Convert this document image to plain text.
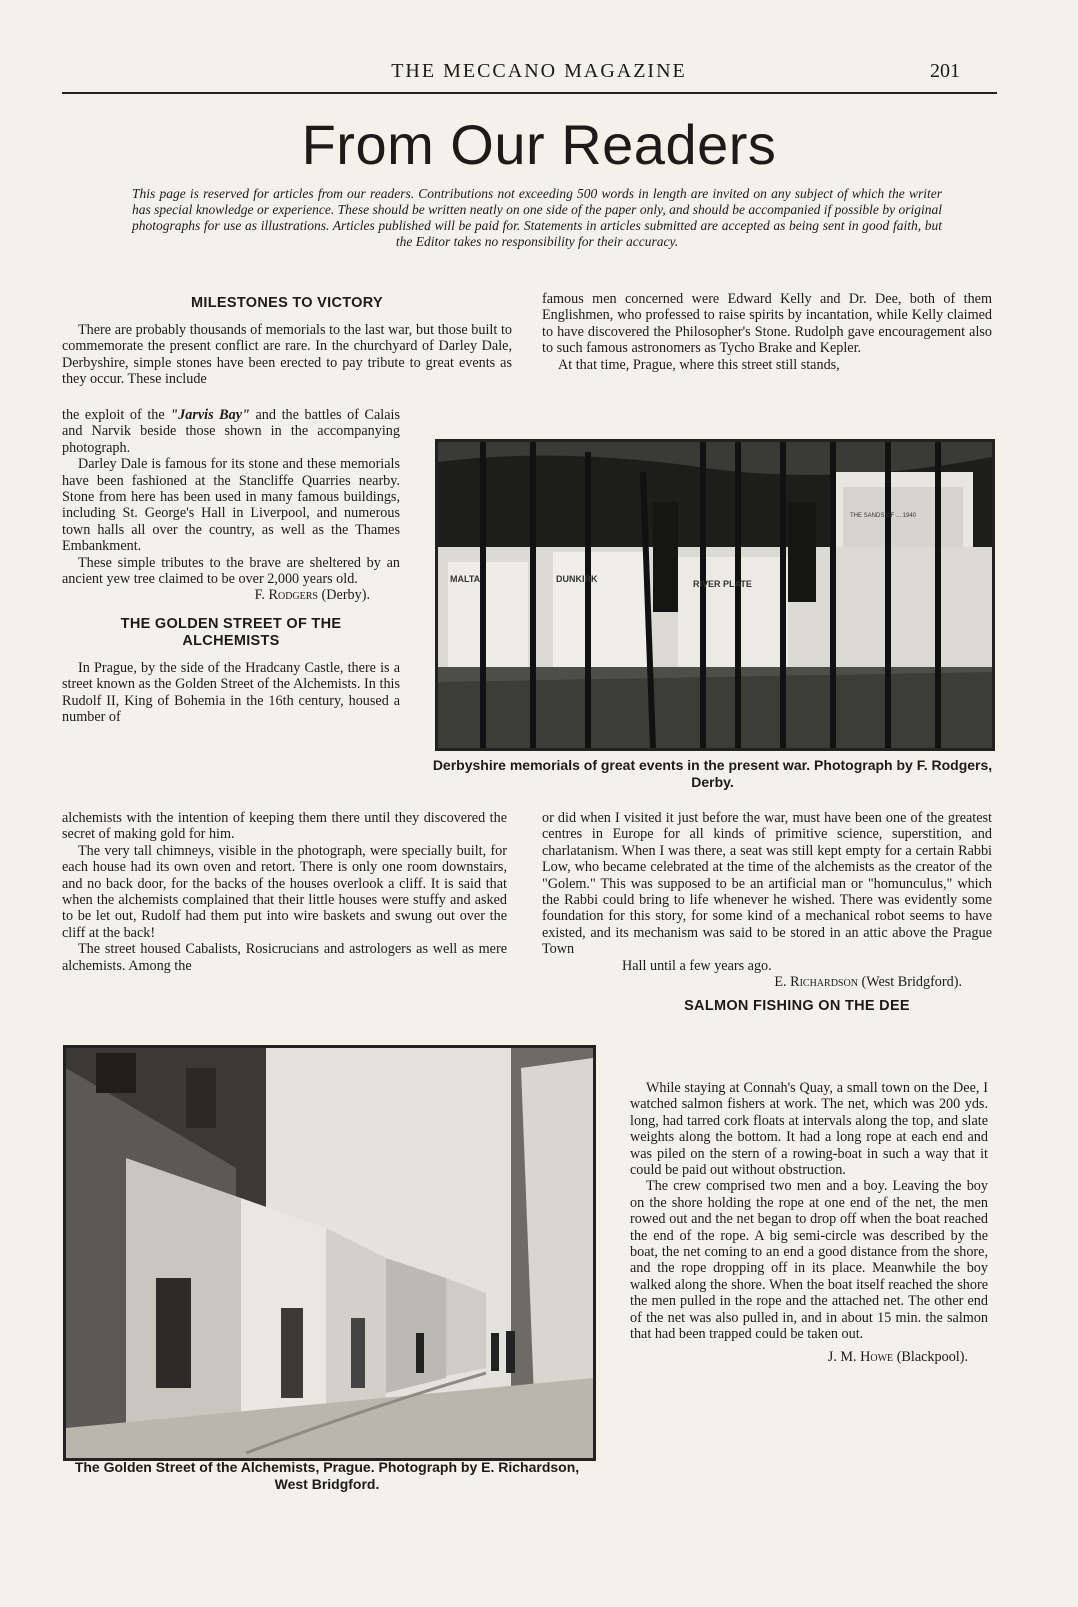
THE MECCANO MAGAZINE	201
From Our Readers
This page is reserved for articles from our readers. Contributions not exceeding 500 words in length are invited on any subject of which the writer has special knowledge or experience. These should be written neatly on one side of the paper only, and should be accompanied if possible by original photographs for use as illustrations. Articles published will be paid for. Statements in articles submitted are accepted as being sent in good faith, but the Editor takes no responsibility for their accuracy.
MILESTONES TO VICTORY

There are probably thousands of memorials to the last war, but those built to commemorate the present conflict are rare. In the churchyard of Darley Dale, Derbyshire, simple stones have been erected to pay tribute to great events as they occur. These include

the exploit of the "Jarvis Bay" and the battles of Calais and Narvik beside those shown in the accompanying photograph.

Darley Dale is famous for its stone and these memorials have been fashioned at the Stancliffe Quarries nearby. Stone from here has been used in many famous buildings, including St. George's Hall in Liverpool, and numerous town halls all over the country, as well as the Thames Embankment.

These simple tributes to the brave are sheltered by an ancient yew tree claimed to be over 2,000 years old.

F. Rodgers (Derby).
THE GOLDEN STREET OF THE
ALCHEMISTS

In Prague, by the side of the Hradcany Castle, there is a street known as the Golden Street of the Alchemists. In this Rudolf II, King of Bohemia in the 16th century, housed a number of

alchemists with the intention of keeping them there until they discovered the secret of making gold for him.

The very tall chimneys, visible in the photograph, were specially built, for each house had its own oven and retort. There is only one room downstairs, and no back door, for the backs of the houses overlook a cliff. It is said that when the alchemists complained that their little houses were stuffy and asked to be let out, Rudolf had them put into wire baskets and swung out over the cliff at the back!

The street housed Cabalists, Rosicrucians and astrologers as well as mere alchemists. Among the

famous men concerned were Edward Kelly and Dr. Dee, both of them Englishmen, who professed to raise spirits by incantation, while Kelly claimed to have discovered the Philosopher's Stone. Rudolph gave encouragement also to such famous astronomers as Tycho Brake and Kepler.

At that time, Prague, where this street still stands,

MALTA	DUNKIRK	RIVER PLATE
THE SANDS OF ... 1940
Derbyshire memorials of great events in the present war. Photograph by F. Rodgers, Derby.

or did when I visited it just before the war, must have been one of the greatest centres in Europe for all kinds of primitive science, superstition, and charlatanism. When I was there, a seat was still kept empty for a certain Rabbi Low, who became celebrated at the time of the alchemists as the creator of the "Golem." This was supposed to be an artificial man or "homunculus," which the Rabbi could bring to life whenever he wished. There was evidently some foundation for this story, for some kind of a mechanical robot seems to have existed, and its mechanism was said to be stored in an attic above the Prague Town

Hall until a few years ago.

E. Richardson (West Bridgford).
SALMON FISHING ON THE DEE

While staying at Connah's Quay, a small town on the Dee, I watched salmon fishers at work. The net, which was 200 yds. long, had tarred cork floats at intervals along the top, and slate weights along the bottom. It had a long rope at each end and was piled on the stern of a rowing-boat in such a way that it could be paid out without obstruction.

The crew comprised two men and a boy. Leaving the boy on the shore holding the rope at one end of the net, the men rowed out and the net began to drop off when the boat reached the end of the rope. A big semi-circle was described by the boat, the net coming to an end a good distance from the shore, and the rope dropping off in its place. Meanwhile the boy walked along the shore. When the boat itself reached the shore the men pulled in the rope and the attached net. The other end of the net was also pulled in, and in about 15 min. the salmon that had been trapped could be taken out.

J. M. Howe (Blackpool).
The Golden Street of the Alchemists, Prague. Photograph by E. Richardson, West Bridgford.
